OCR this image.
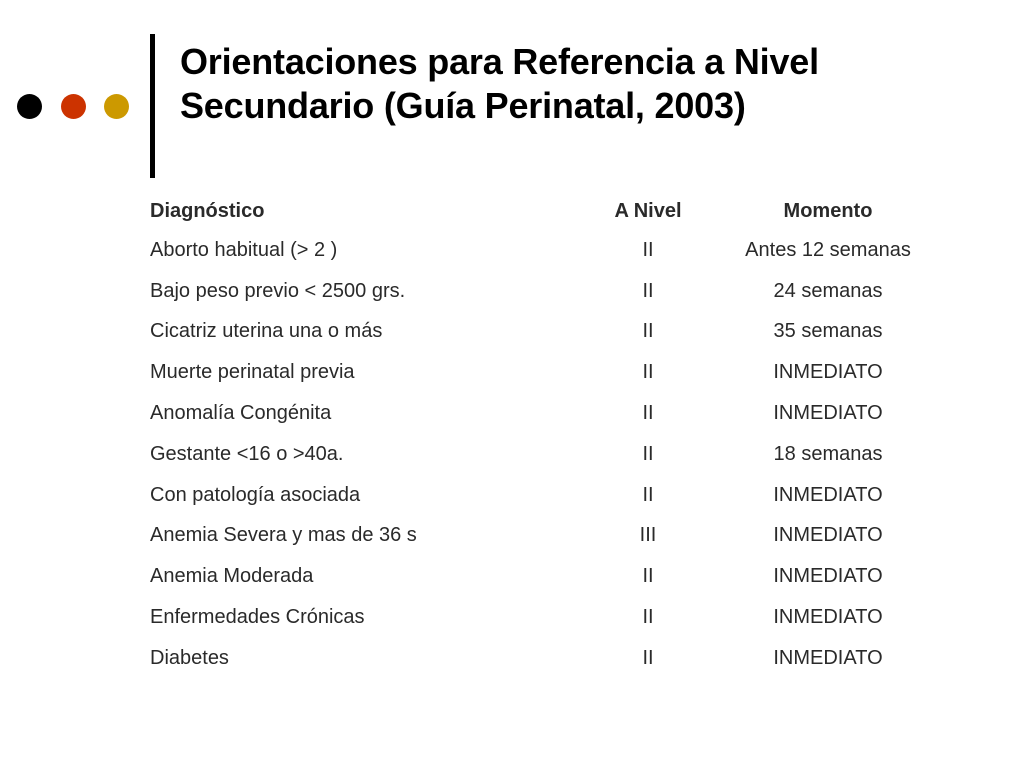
Orientaciones para Referencia a Nivel
Secundario (Guía Perinatal, 2003)
Diagnóstico	A Nivel	Momento
Aborto habitual (> 2 )	II	Antes 12 semanas
Bajo peso previo < 2500 grs.	II	24 semanas
Cicatriz uterina una o más	II	35 semanas
Muerte perinatal previa	II	INMEDIATO
Anomalía Congénita	II	INMEDIATO
Gestante <16 o >40a.	II	18 semanas
Con patología asociada	II	INMEDIATO
Anemia Severa y mas de 36 s	III	INMEDIATO
Anemia Moderada	II	INMEDIATO
Enfermedades Crónicas	II	INMEDIATO
Diabetes	II	INMEDIATO
